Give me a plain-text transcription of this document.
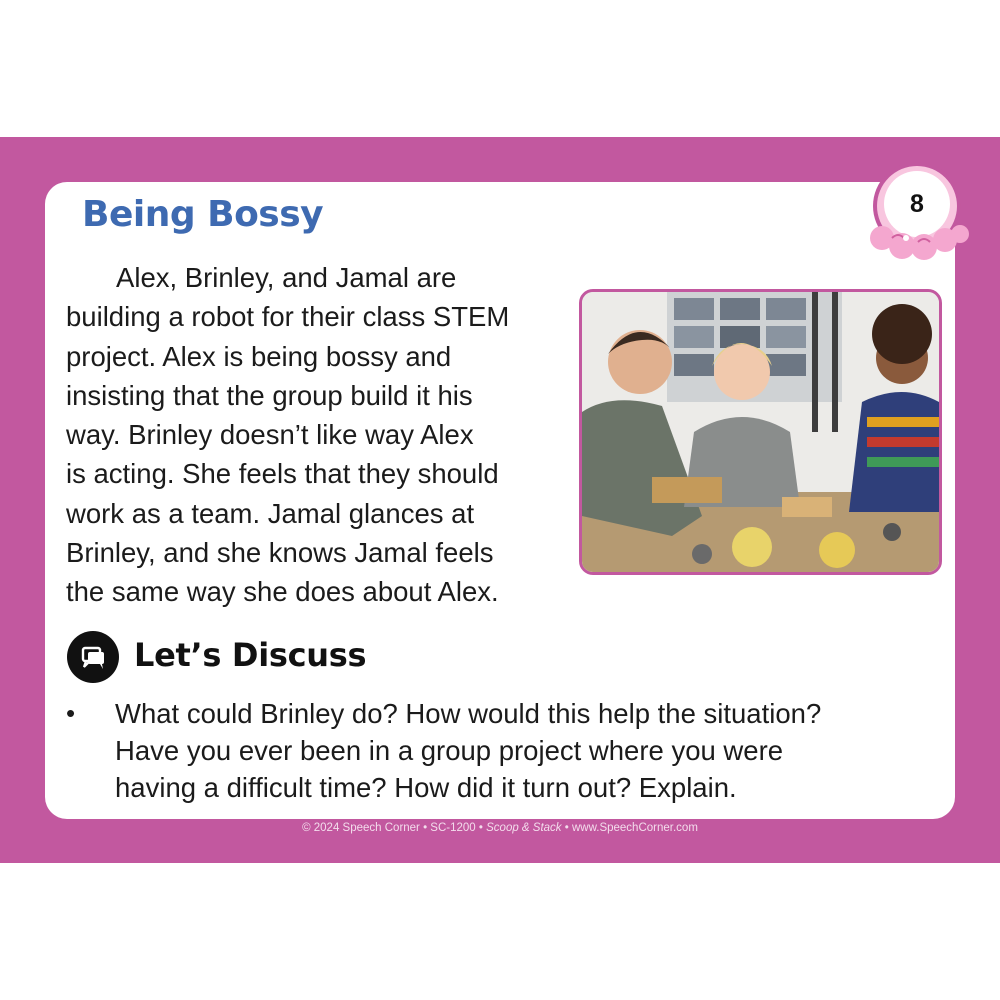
Being Bossy	8
Alex, Brinley, and Jamal are
building a robot for their class STEM
project. Alex is being bossy and
insisting that the group build it his
way. Brinley doesn’t like way Alex
is acting. She feels that they should
work as a team. Jamal glances at
Brinley, and she knows Jamal feels
the same way she does about Alex.
Let’s Discuss
• What could Brinley do? How would this help the situation?
Have you ever been in a group project where you were
having a difficult time? How did it turn out? Explain.
© 2024 Speech Corner • SC-1200 • Scoop & Stack • www.SpeechCorner.com
